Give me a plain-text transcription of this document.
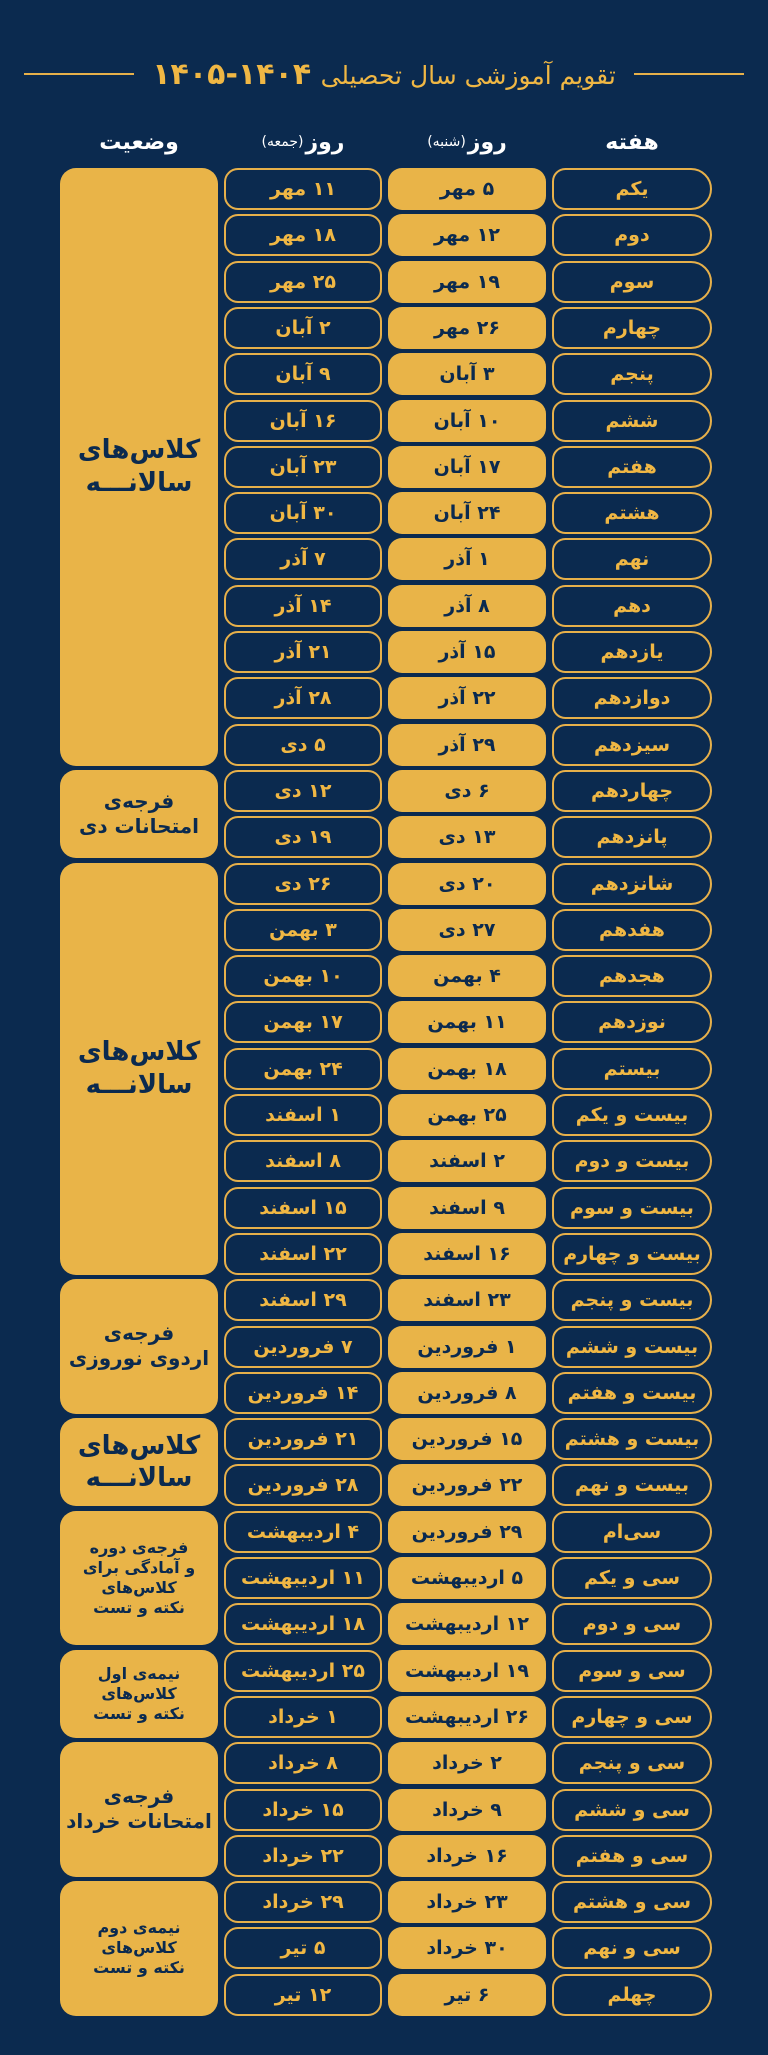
تقویم آموزشی سال تحصیلی ۱۴۰۴-۱۴۰۵
هفته
روز
(شنبه)
روز
(جمعه)
وضعیت
یکم
۵ مهر
۱۱ مهر
دوم
۱۲ مهر
۱۸ مهر
سوم
۱۹ مهر
۲۵ مهر
چهارم
۲۶ مهر
۲ آبان
پنجم
۳ آبان
۹ آبان
ششم
۱۰ آبان
۱۶ آبان
هفتم
۱۷ آبان
۲۳ آبان
هشتم
۲۴ آبان
۳۰ آبان
نهم
۱ آذر
۷ آذر
دهم
۸ آذر
۱۴ آذر
یازدهم
۱۵ آذر
۲۱ آذر
دوازدهم
۲۲ آذر
۲۸ آذر
سیزدهم
۲۹ آذر
۵ دی
چهاردهم
۶ دی
۱۲ دی
پانزدهم
۱۳ دی
۱۹ دی
شانزدهم
۲۰ دی
۲۶ دی
هفدهم
۲۷ دی
۳ بهمن
هجدهم
۴ بهمن
۱۰ بهمن
نوزدهم
۱۱ بهمن
۱۷ بهمن
بیستم
۱۸ بهمن
۲۴ بهمن
بیست و یکم
۲۵ بهمن
۱ اسفند
بیست و دوم
۲ اسفند
۸ اسفند
بیست و سوم
۹ اسفند
۱۵ اسفند
بیست و چهارم
۱۶ اسفند
۲۲ اسفند
بیست و پنجم
۲۳ اسفند
۲۹ اسفند
بیست و ششم
۱ فروردین
۷ فروردین
بیست و هفتم
۸ فروردین
۱۴ فروردین
بیست و هشتم
۱۵ فروردین
۲۱ فروردین
بیست و نهم
۲۲ فروردین
۲۸ فروردین
سی‌ام
۲۹ فروردین
۴ اردیبهشت
سی و یکم
۵ اردیبهشت
۱۱ اردیبهشت
سی و دوم
۱۲ اردیبهشت
۱۸ اردیبهشت
سی و سوم
۱۹ اردیبهشت
۲۵ اردیبهشت
سی و چهارم
۲۶ اردیبهشت
۱ خرداد
سی و پنجم
۲ خرداد
۸ خرداد
سی و ششم
۹ خرداد
۱۵ خرداد
سی و هفتم
۱۶ خرداد
۲۲ خرداد
سی و هشتم
۲۳ خرداد
۲۹ خرداد
سی و نهم
۳۰ خرداد
۵ تیر
چهلم
۶ تیر
۱۲ تیر
کلاس‌های
سالانـــه
فرجه‌ی
امتحانات دی
کلاس‌های
سالانـــه
فرجه‌ی
اردوی نوروزی
کلاس‌های
سالانـــه
فرجه‌ی دوره
و آمادگی برای
کلاس‌های
نکته و تست
نیمه‌ی اول
کلاس‌های
نکته و تست
فرجه‌ی
امتحانات خرداد
نیمه‌ی دوم
کلاس‌های
نکته و تست
